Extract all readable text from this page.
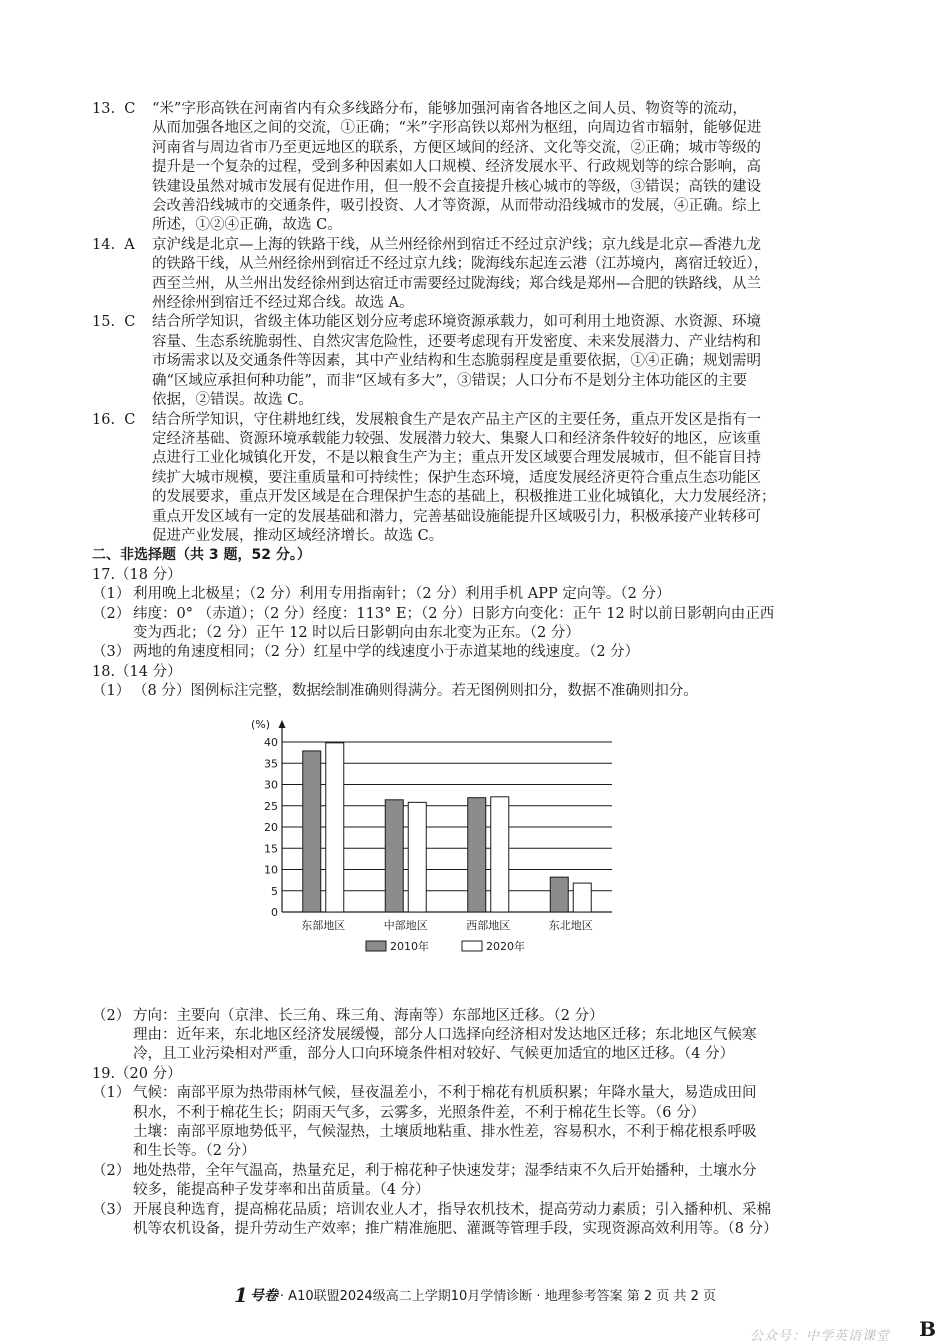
13.  C	“米”字形高铁在河南省内有众多线路分布，能够加强河南省各地区之间人员、物资等的流动，
从而加强各地区之间的交流，①正确；“米”字形高铁以郑州为枢纽，向周边省市辐射，能够促进
河南省与周边省市乃至更远地区的联系，方便区域间的经济、文化等交流，②正确；城市等级的
提升是一个复杂的过程，受到多种因素如人口规模、经济发展水平、行政规划等的综合影响，高
铁建设虽然对城市发展有促进作用，但一般不会直接提升核心城市的等级，③错误；高铁的建设
会改善沿线城市的交通条件，吸引投资、人才等资源，从而带动沿线城市的发展，④正确。综上
所述，①②④正确，故选 C。
14.  A	京沪线是北京—上海的铁路干线，从兰州经徐州到宿迁不经过京沪线；京九线是北京—香港九龙
的铁路干线，从兰州经徐州到宿迁不经过京九线；陇海线东起连云港（江苏境内，离宿迁较近），
西至兰州，从兰州出发经徐州到达宿迁市需要经过陇海线；郑合线是郑州—合肥的铁路线，从兰
州经徐州到宿迁不经过郑合线。故选 A。
15.  C	结合所学知识，省级主体功能区划分应考虑环境资源承载力，如可利用土地资源、水资源、环境
容量、生态系统脆弱性、自然灾害危险性，还要考虑现有开发密度、未来发展潜力、产业结构和
市场需求以及交通条件等因素，其中产业结构和生态脆弱程度是重要依据，①④正确；规划需明
确“区域应承担何种功能”，而非“区域有多大”，③错误；人口分布不是划分主体功能区的主要
依据，②错误。故选 C。
16.  C	结合所学知识，守住耕地红线，发展粮食生产是农产品主产区的主要任务，重点开发区是指有一
定经济基础、资源环境承载能力较强、发展潜力较大、集聚人口和经济条件较好的地区，应该重
点进行工业化城镇化开发，不是以粮食生产为主；重点开发区域要合理发展城市，但不能盲目持
续扩大城市规模，要注重质量和可持续性；保护生态环境，适度发展经济更符合重点生态功能区
的发展要求，重点开发区域是在合理保护生态的基础上，积极推进工业化城镇化，大力发展经济；
重点开发区域有一定的发展基础和潜力，完善基础设施能提升区域吸引力，积极承接产业转移可
促进产业发展，推动区域经济增长。故选 C。
二、非选择题（共 3 题，52 分。）
17.（18 分）
（1） 利用晚上北极星；（2 分）利用专用指南针；（2 分）利用手机 APP 定向等。（2 分）
（2） 纬度：0° （赤道）；（2 分）经度：113° E；（2 分）日影方向变化：正午 12 时以前日影朝向由正西
变为西北；（2 分）正午 12 时以后日影朝向由东北变为正东。（2 分）
（3） 两地的角速度相同；（2 分）红星中学的线速度小于赤道某地的线速度。（2 分）
18.（14 分）
（1） （8 分）图例标注完整，数据绘制准确则得满分。若无图例则扣分，数据不准确则扣分。
0
5
10
15
20
25
30
35
40
(%)
东部地区	中部地区	西部地区	东北地区
2010年	2020年
（2） 方向：主要向（京津、长三角、珠三角、海南等）东部地区迁移。（2 分）
理由：近年来，东北地区经济发展缓慢，部分人口选择向经济相对发达地区迁移；东北地区气候寒
冷，且工业污染相对严重，部分人口向环境条件相对较好、气候更加适宜的地区迁移。（4 分）
19.（20 分）
（1） 气候：南部平原为热带雨林气候，昼夜温差小，不利于棉花有机质积累；年降水量大，易造成田间
积水，不利于棉花生长；阴雨天气多，云雾多，光照条件差，不利于棉花生长等。（6 分）
土壤：南部平原地势低平，气候湿热，土壤质地粘重、排水性差，容易积水，不利于棉花根系呼吸
和生长等。（2 分）
（2） 地处热带，全年气温高，热量充足，利于棉花种子快速发芽；湿季结束不久后开始播种，土壤水分
较多，能提高种子发芽率和出苗质量。（4 分）
（3） 开展良种选育，提高棉花品质；培训农业人才，指导农机技术，提高劳动力素质；引入播种机、采棉
机等农机设备，提升劳动生产效率；推广精准施肥、灌溉等管理手段，实现资源高效利用等。（8 分）
1 号卷 · A10联盟2024级高二上学期10月学情诊断 · 地理参考答案 第 2 页 共 2 页
公众号：中学英语课堂 B
